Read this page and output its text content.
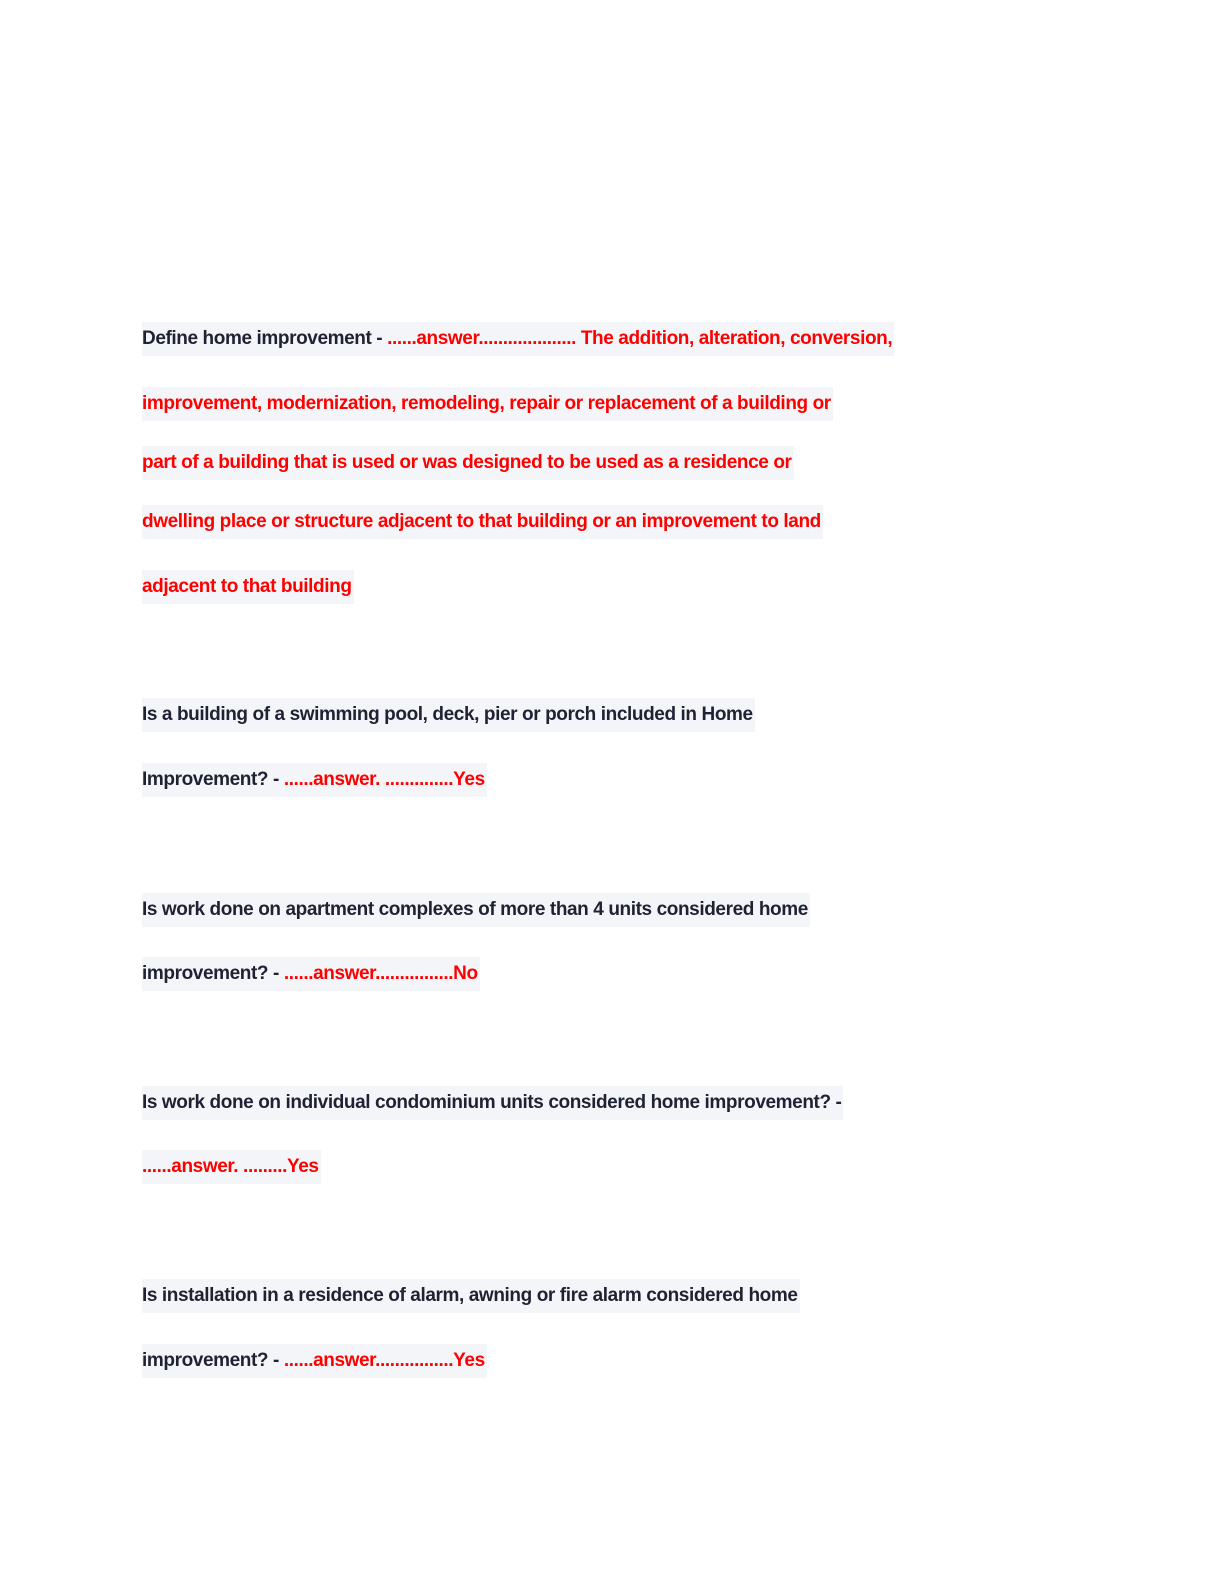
Define home improvement - ......answer.................... The addition, alteration, conversion,
improvement, modernization, remodeling, repair or replacement of a building or
part of a building that is used or was designed to be used as a residence or
dwelling place or structure adjacent to that building or an improvement to land
adjacent to that building
Is a building of a swimming pool, deck, pier or porch included in Home
Improvement? - ......answer. ..............Yes
Is work done on apartment complexes of more than 4 units considered home
improvement? - ......answer................No
Is work done on individual condominium units considered home improvement? -
......answer. .........Yes
Is installation in a residence of alarm, awning or fire alarm considered home
improvement? - ......answer................Yes
